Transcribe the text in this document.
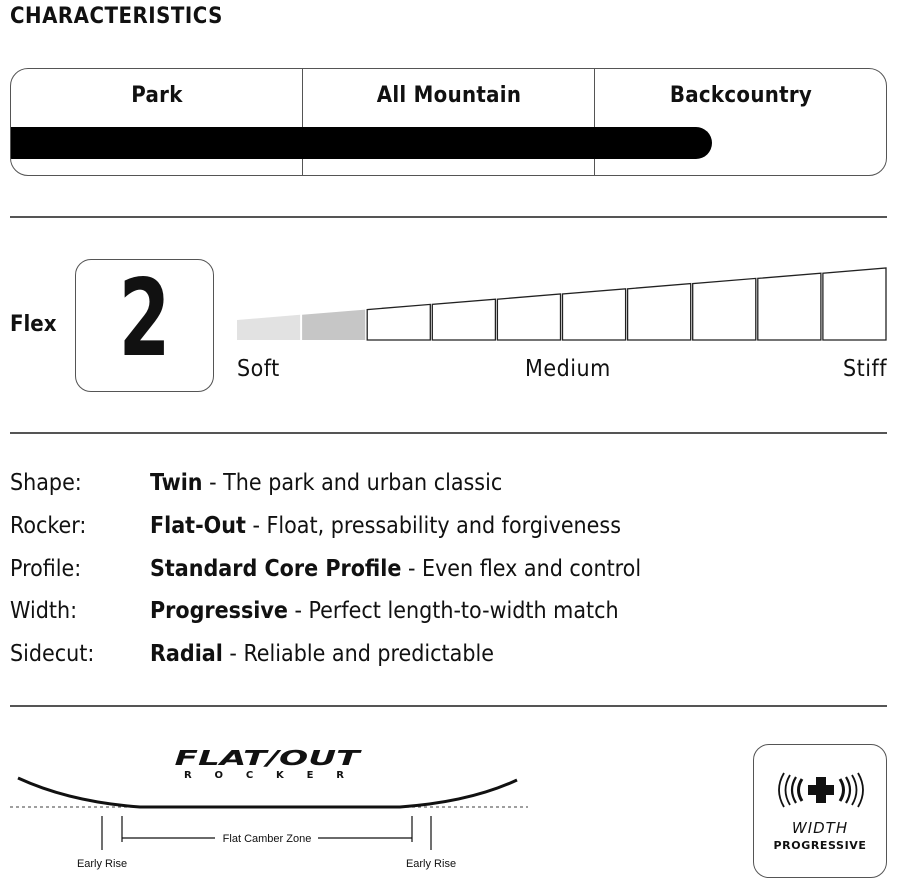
CHARACTERISTICS
Park	All Mountain	Backcountry
Flex 2	Soft	Medium	Stiff
Shape:	Twin - The park and urban classic
Rocker:	Flat-Out - Float, pressability and forgiveness
Profile:	Standard Core Profile - Even flex and control
Width:	Progressive - Perfect length-to-width match
Sidecut:	Radial - Reliable and predictable
Flat Camber Zone
Early Rise	Early Rise
FLAT/OUT
ROCKER
WIDTH
PROGRESSIVE
